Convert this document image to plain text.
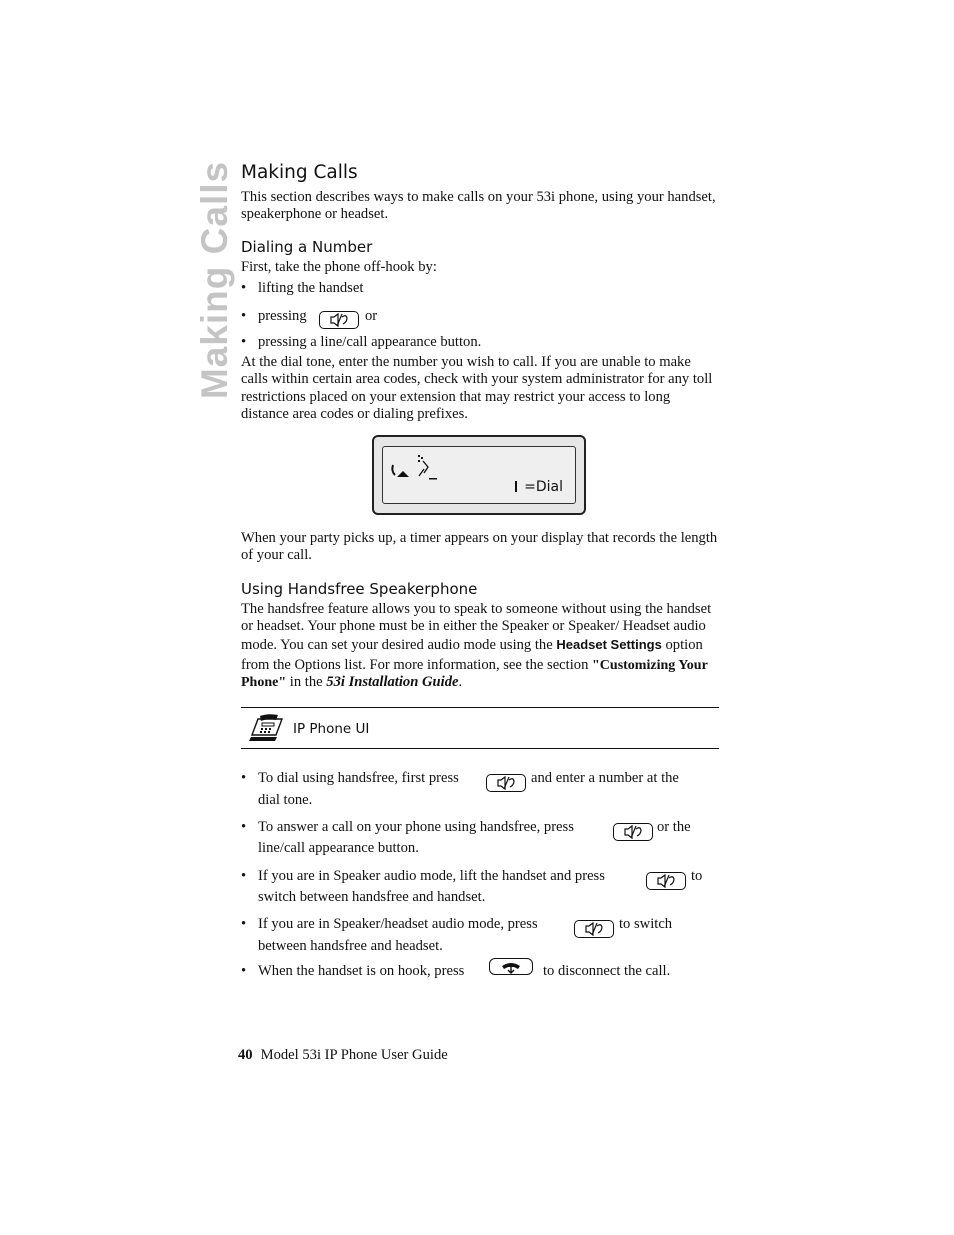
Making Calls Making Calls
This section describes ways to make calls on your 53i phone, using your handset, speakerphone or headset.
Dialing a Number
First, take the phone off-hook by:
• lifting the handset
• pressing	or
• pressing a line/call appearance button.
At the dial tone, enter the number you wish to call. If you are unable to make calls within certain area codes, check with your system administrator for any toll restrictions placed on your extension that may restrict your access to long distance area codes or dialing prefixes.
=Dial
When your party picks up, a timer appears on your display that records the length of your call.
Using Handsfree Speakerphone
The handsfree feature allows you to speak to someone without using the handset or headset. Your phone must be in either the Speaker or Speaker/ Headset audio mode. You can set your desired audio mode using the Headset Settings option from the Options list. For more information, see the section "Customizing Your Phone" in the 53i Installation Guide.
IP Phone UI
• To dial using handsfree, first press	and enter a number at the
dial tone.
• To answer a call on your phone using handsfree, press	or the
line/call appearance button.
• If you are in Speaker audio mode, lift the handset and press	to
switch between handsfree and handset.
• If you are in Speaker/headset audio mode, press	to switch
between handsfree and headset.
• When the handset is on hook, press	to disconnect the call.
40 Model 53i IP Phone User Guide
